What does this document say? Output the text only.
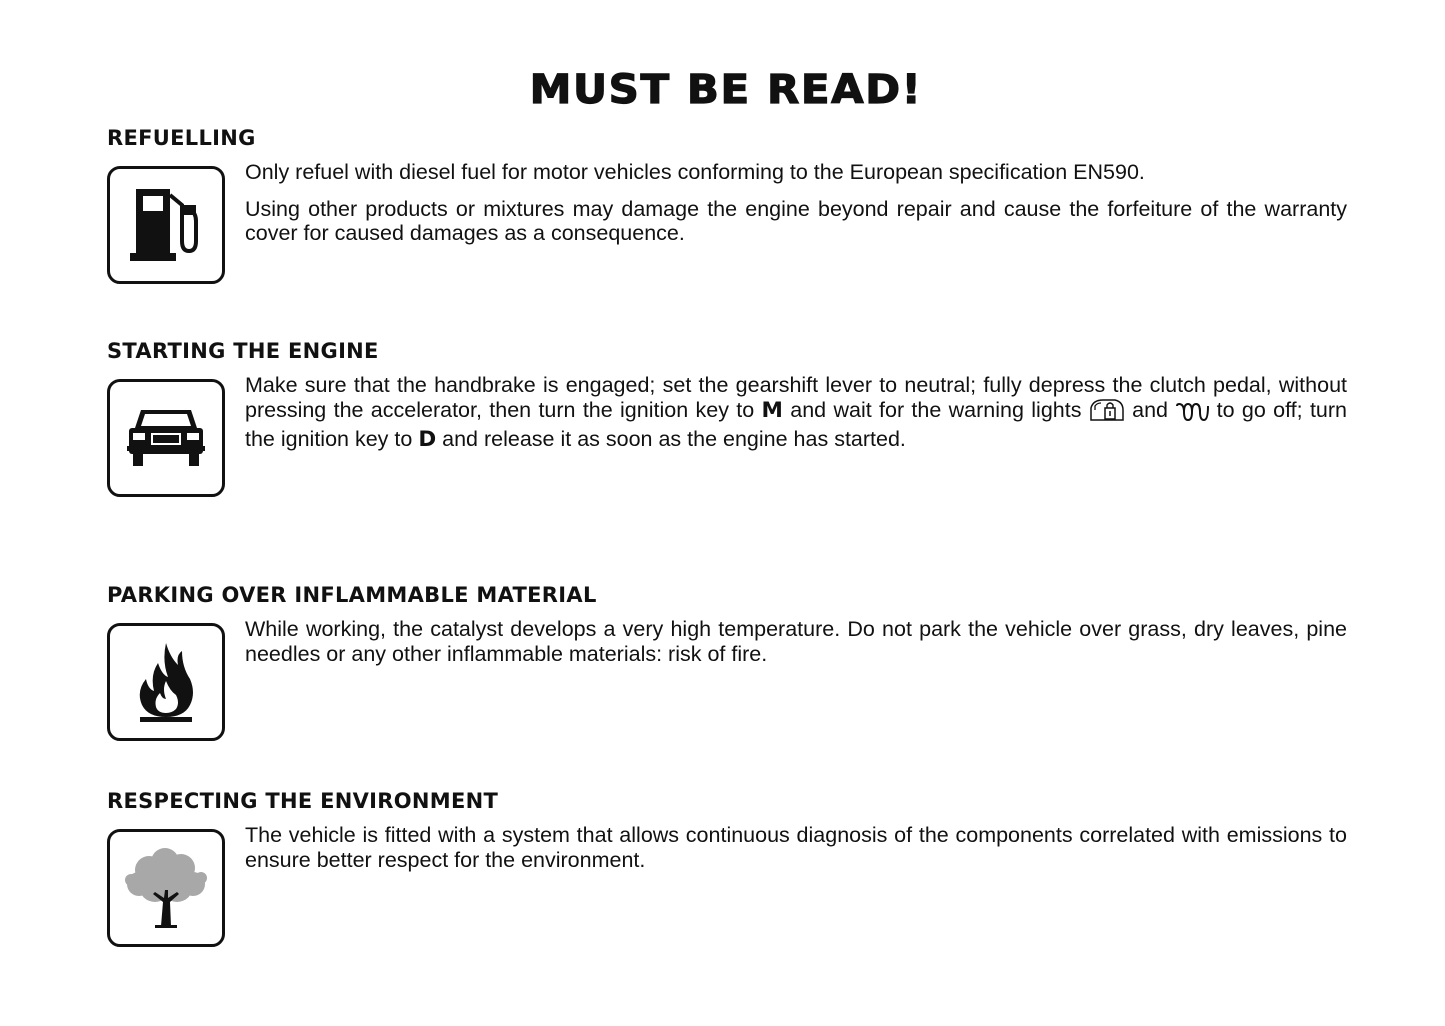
MUST BE READ!
REFUELLING

Only refuel with diesel fuel for motor vehicles conforming to the European specification EN590.

Using other products or mixtures may damage the engine beyond repair and cause the forfeiture of the warranty cover for caused damages as a consequence.

STARTING THE ENGINE

Make sure that the handbrake is engaged; set the gearshift lever to neutral; fully depress the clutch pedal, without pressing the accelerator, then turn the ignition key to M and wait for the warning lights  and  to go off; turn the ignition key to D and release it as soon as the engine has started.

PARKING OVER INFLAMMABLE MATERIAL

While working, the catalyst develops a very high temperature. Do not park the vehicle over grass, dry leaves, pine needles or any other inflammable materials: risk of fire.

RESPECTING THE ENVIRONMENT

The vehicle is fitted with a system that allows continuous diagnosis of the components correlated with emissions to ensure better respect for the environment.
